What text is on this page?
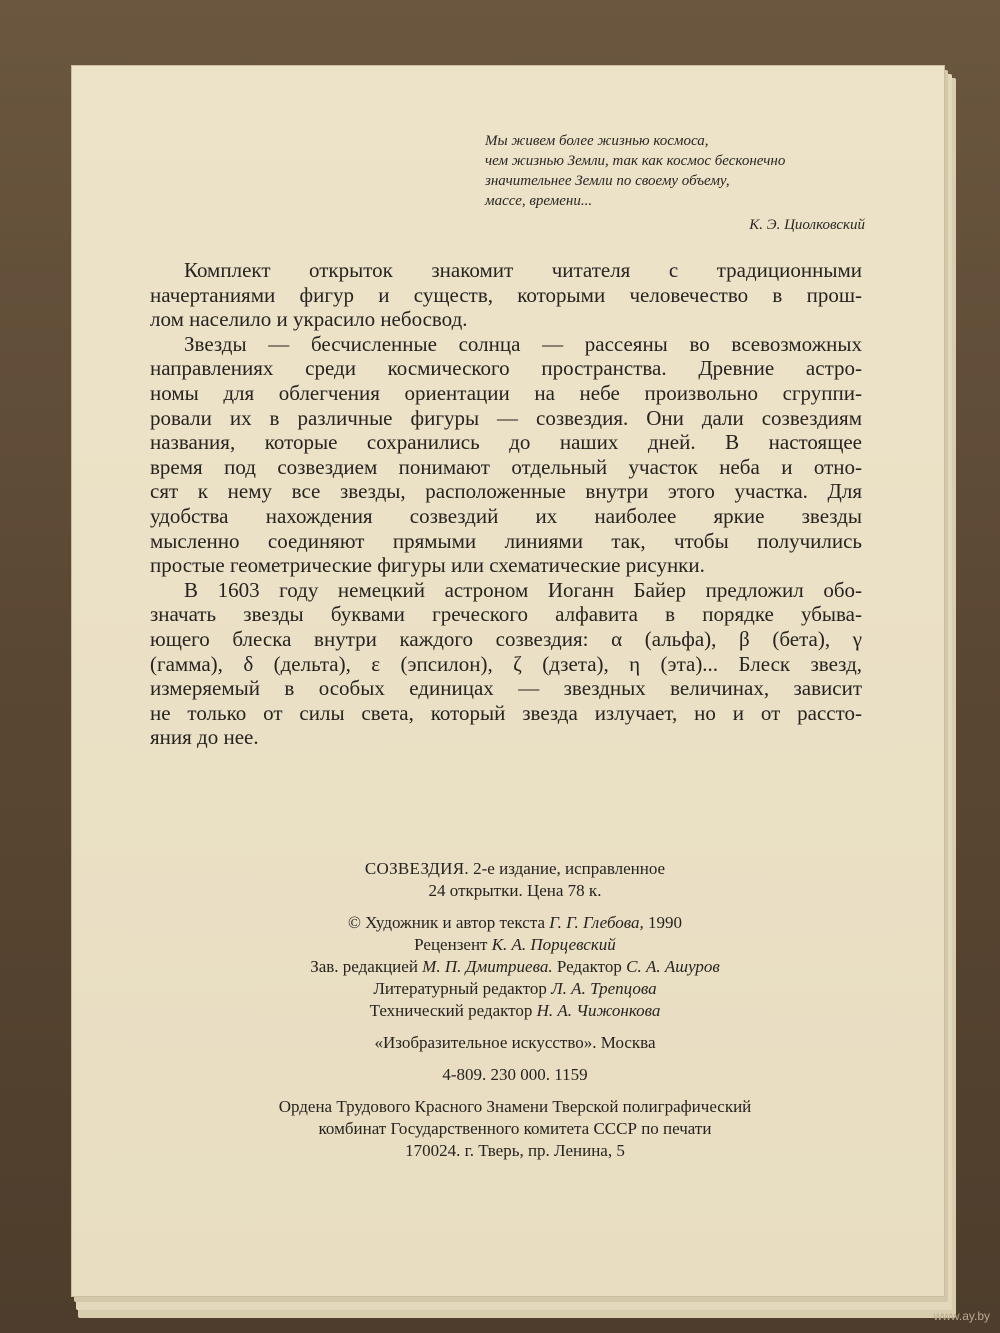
Мы живем более жизнью космоса,
чем жизнью Земли, так как космос бесконечно
значительнее Земли по своему объему,
массе, времени...
К. Э. Циолковский
Комплект открыток знакомит читателя с традиционными
начертаниями фигур и существ, которыми человечество в прош-
лом населило и украсило небосвод.
Звезды — бесчисленные солнца — рассеяны во всевозможных
направлениях среди космического пространства. Древние астро-
номы для облегчения ориентации на небе произвольно сгруппи-
ровали их в различные фигуры — созвездия. Они дали созвездиям
названия, которые сохранились до наших дней. В настоящее
время под созвездием понимают отдельный участок неба и отно-
сят к нему все звезды, расположенные внутри этого участка. Для
удобства нахождения созвездий их наиболее яркие звезды
мысленно соединяют прямыми линиями так, чтобы получились
простые геометрические фигуры или схематические рисунки.
В 1603 году немецкий астроном Иоганн Байер предложил обо-
значать звезды буквами греческого алфавита в порядке убыва-
ющего блеска внутри каждого созвездия: α (альфа), β (бета), γ
(гамма), δ (дельта), ε (эпсилон), ζ (дзета), η (эта)... Блеск звезд,
измеряемый в особых единицах — звездных величинах, зависит
не только от силы света, который звезда излучает, но и от рассто-
яния до нее.
СОЗВЕЗДИЯ. 2-е издание, исправленное
24 открытки. Цена 78 к.
© Художник и автор текста Г. Г. Глебова, 1990
Рецензент К. А. Порцевский
Зав. редакцией М. П. Дмитриева. Редактор С. А. Ашуров
Литературный редактор Л. А. Трепцова
Технический редактор Н. А. Чижонкова
«Изобразительное искусство». Москва
4-809. 230 000. 1159
Ордена Трудового Красного Знамени Тверской полиграфический
комбинат Государственного комитета СССР по печати
170024. г. Тверь, пр. Ленина, 5
www.ay.by
